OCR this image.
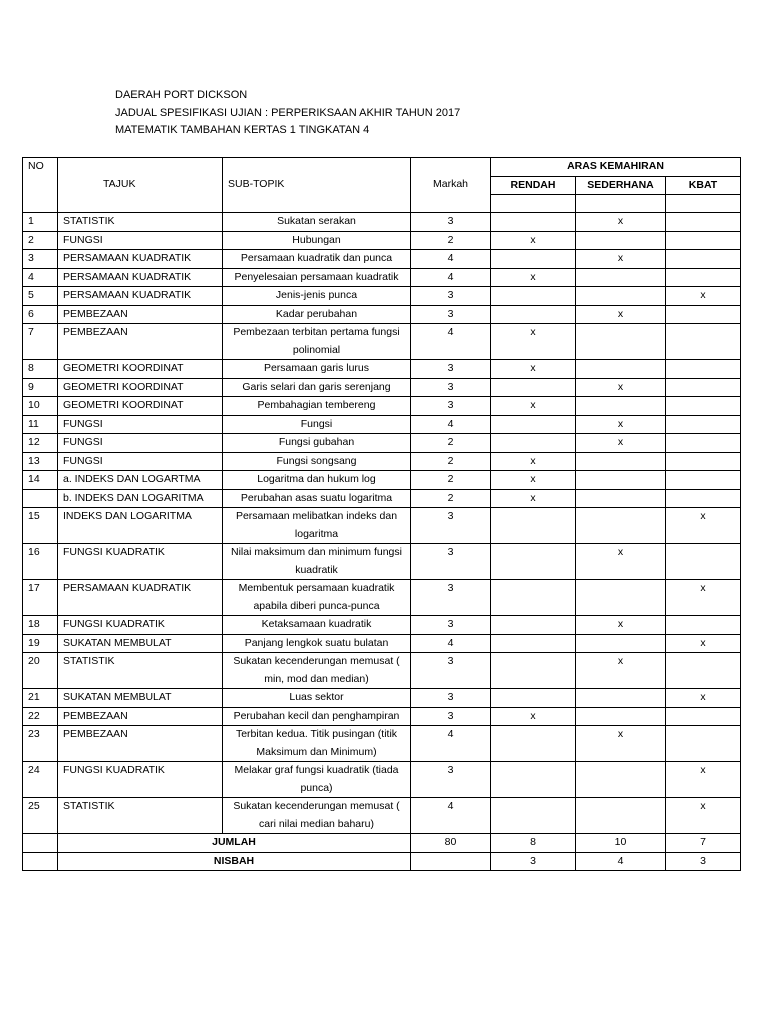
DAERAH PORT DICKSON
JADUAL SPESIFIKASI UJIAN : PERPERIKSAAN AKHIR TAHUN 2017
MATEMATIK TAMBAHAN KERTAS 1 TINGKATAN 4
NO	TAJUK	SUB-TOPIK	Markah	ARAS KEMAHIRAN		
				RENDAH	SEDERHANA	KBAT

1	STATISTIK	Sukatan serakan	3		x	
2	FUNGSI	Hubungan	2	x		
3	PERSAMAAN KUADRATIK	Persamaan kuadratik dan punca	4		x	
4	PERSAMAAN KUADRATIK	Penyelesaian persamaan kuadratik	4	x		
5	PERSAMAAN KUADRATIK	Jenis-jenis punca	3			x
6	PEMBEZAAN	Kadar perubahan	3		x	
7	PEMBEZAAN	Pembezaan terbitan pertama fungsi polinomial	4	x		
8	GEOMETRI KOORDINAT	Persamaan garis lurus	3	x		
9	GEOMETRI KOORDINAT	Garis selari dan garis serenjang	3		x	
10	GEOMETRI KOORDINAT	Pembahagian tembereng	3	x		
11	FUNGSI	Fungsi	4		x	
12	FUNGSI	Fungsi gubahan	2		x	
13	FUNGSI	Fungsi songsang	2	x		
14	a. INDEKS DAN LOGARTMA	Logaritma dan hukum log	2	x		
	b. INDEKS DAN LOGARITMA	Perubahan asas suatu logaritma	2	x		
15	INDEKS DAN LOGARITMA	Persamaan melibatkan indeks dan logaritma	3			x
16	FUNGSI KUADRATIK	Nilai maksimum dan minimum fungsi kuadratik	3		x	
17	PERSAMAAN KUADRATIK	Membentuk persamaan kuadratik apabila diberi punca-punca	3			x
18	FUNGSI KUADRATIK	Ketaksamaan kuadratik	3		x	
19	SUKATAN MEMBULAT	Panjang lengkok suatu bulatan	4			x
20	STATISTIK	Sukatan kecenderungan memusat ( min, mod dan median)	3		x	
21	SUKATAN MEMBULAT	Luas sektor	3			x
22	PEMBEZAAN	Perubahan kecil dan penghampiran	3	x		
23	PEMBEZAAN	Terbitan kedua. Titik pusingan (titik Maksimum dan Minimum)	4		x	
24	FUNGSI KUADRATIK	Melakar graf fungsi kuadratik (tiada punca)	3			x
25	STATISTIK	Sukatan kecenderungan memusat ( cari nilai median baharu)	4			x
	JUMLAH		80	8	10	7
	NISBAH			3	4	3
